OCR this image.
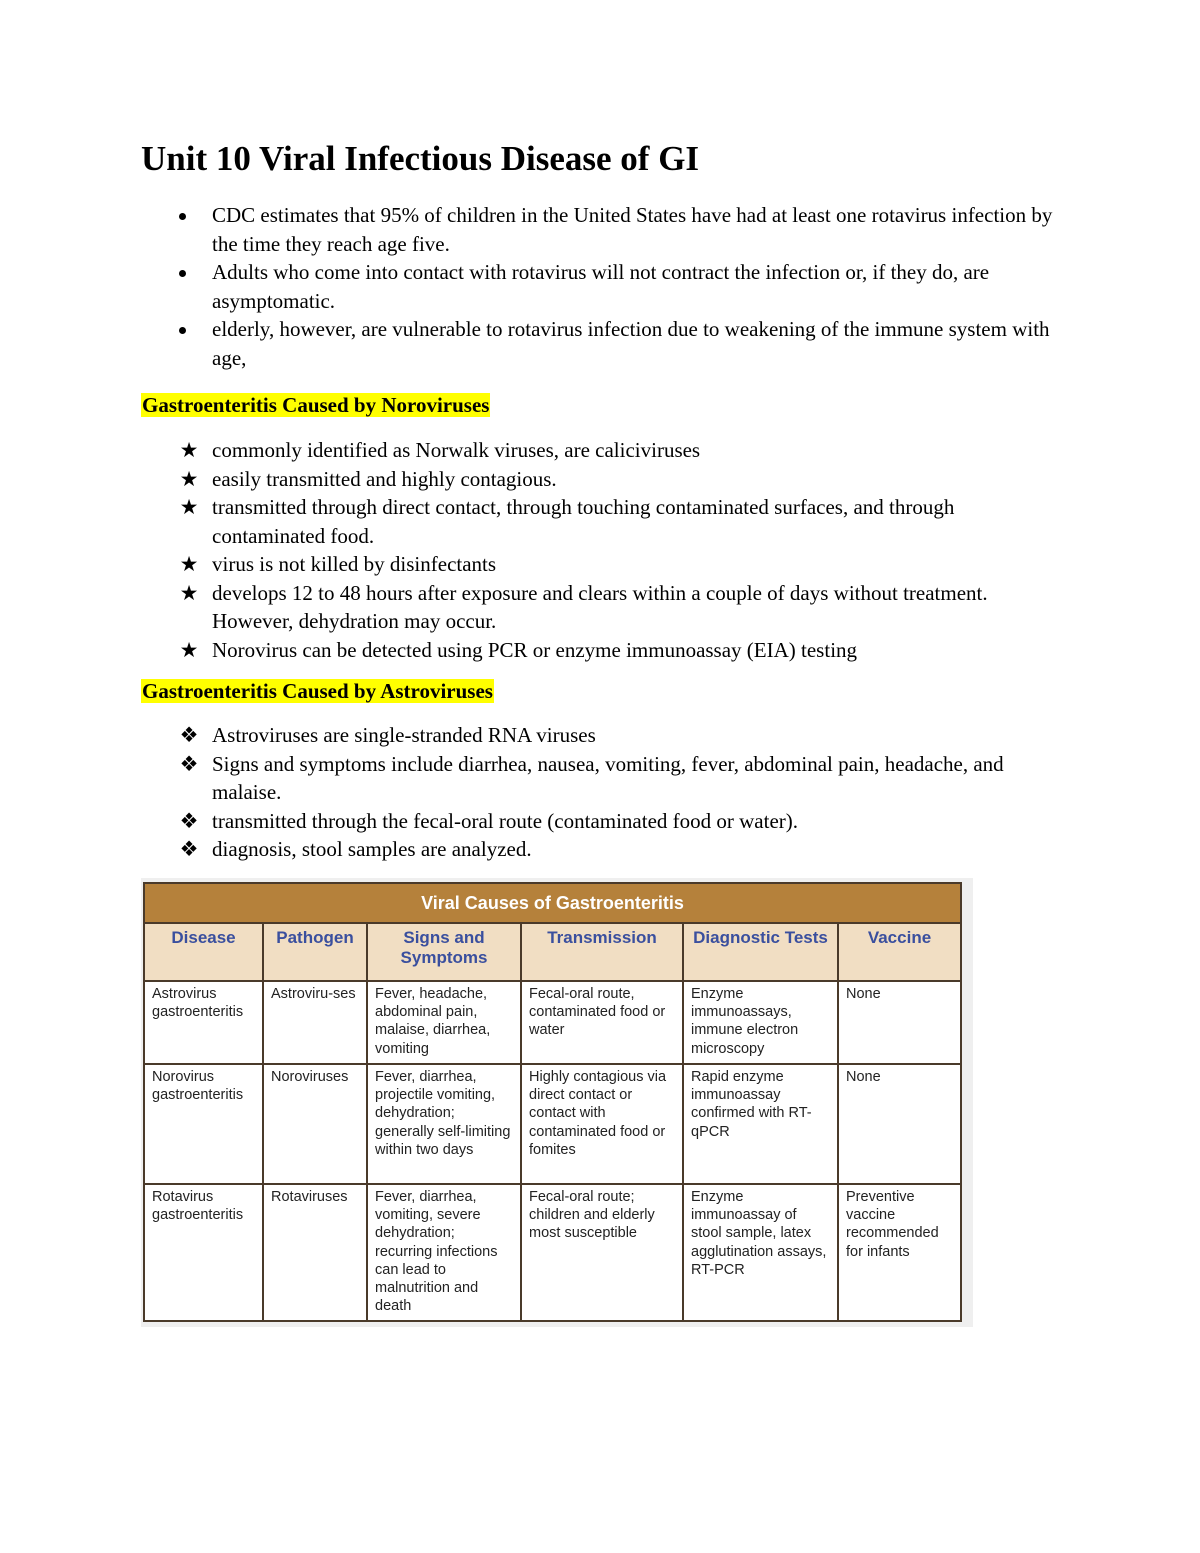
Unit 10 Viral Infectious Disease of GI
CDC estimates that 95% of children in the United States have had at least one rotavirus infection by the time they reach age five.
Adults who come into contact with rotavirus will not contract the infection or, if they do, are asymptomatic.
elderly, however, are vulnerable to rotavirus infection due to weakening of the immune system with age,

Gastroenteritis Caused by Noroviruses

★ commonly identified as Norwalk viruses, are caliciviruses
★ easily transmitted and highly contagious.
★ transmitted through direct contact, through touching contaminated surfaces, and through contaminated food.
★ virus is not killed by disinfectants
★ develops 12 to 48 hours after exposure and clears within a couple of days without treatment. However, dehydration may occur.
★ Norovirus can be detected using PCR or enzyme immunoassay (EIA) testing

Gastroenteritis Caused by Astroviruses

❖ Astroviruses are single-stranded RNA viruses
❖ Signs and symptoms include diarrhea, nausea, vomiting, fever, abdominal pain, headache, and malaise.
❖ transmitted through the fecal-oral route (contaminated food or water).
❖ diagnosis, stool samples are analyzed.
Viral Causes of Gastroenteritis					
Disease	Pathogen	Signs and Symptoms	Transmission	Diagnostic Tests	Vaccine
Astrovirus gastroenteritis	Astroviru-ses	Fever, headache, abdominal pain, malaise, diarrhea, vomiting	Fecal-oral route, contaminated food or water	Enzyme immunoassays, immune electron microscopy	None
Norovirus gastroenteritis	Noroviruses	Fever, diarrhea, projectile vomiting, dehydration; generally self-limiting within two days	Highly contagious via direct contact or contact with contaminated food or fomites	Rapid enzyme immunoassay confirmed with RT-qPCR	None
Rotavirus gastroenteritis	Rotaviruses	Fever, diarrhea, vomiting, severe dehydration; recurring infections can lead to malnutrition and death	Fecal-oral route; children and elderly most susceptible	Enzyme immunoassay of stool sample, latex agglutination assays, RT-PCR	Preventive vaccine recommended for infants
